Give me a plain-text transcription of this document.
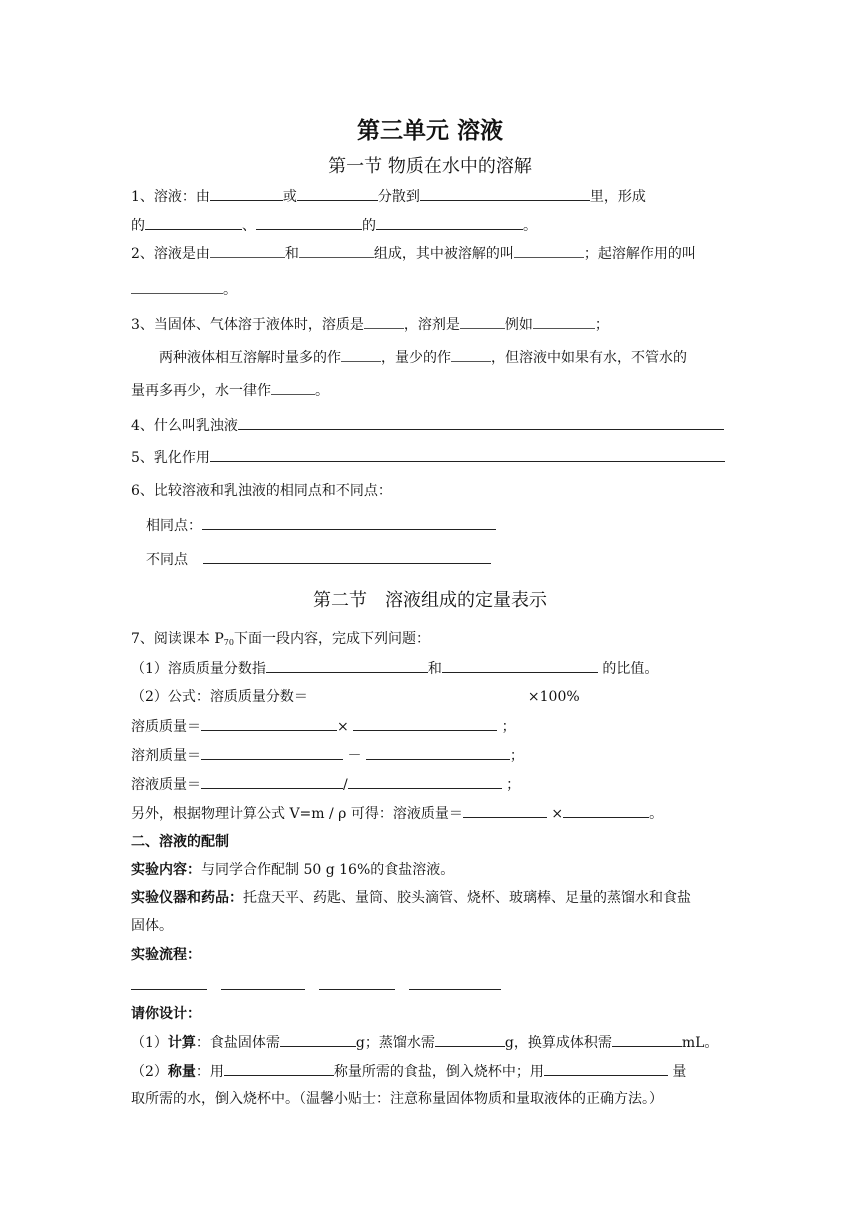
第三单元 溶液
第一节 物质在水中的溶解
1、溶液：由	或	分散到	里，形成
的	、	的	。
2、溶液是由	和	组成，其中被溶解的叫	；起溶解作用的叫
。
3、当固体、气体溶于液体时，溶质是	，溶剂是	例如	；
两种液体相互溶解时量多的作	，量少的作	，但溶液中如果有水，不管水的
量再多再少，水一律作	。
4、什么叫乳浊液
5、乳化作用
6、比较溶液和乳浊液的相同点和不同点：
相同点：
不同点
第二节　溶液组成的定量表示
7、阅读课本 $P_{70}$下面一段内容，完成下列问题：
（1）溶质质量分数指	和	的比值。
（2）公式：溶质质量分数＝	×100%
溶质质量＝	×	；
溶剂质量＝	－	；
溶液质量＝	/	；
另外，根据物理计算公式 V=m / ρ 可得：溶液质量＝	×	。
二、溶液的配制
实验内容：与同学合作配制 50 g 16%的食盐溶液。
实验仪器和药品：托盘天平、药匙、量筒、胶头滴管、烧杯、玻璃棒、足量的蒸馏水和食盐
固体。
实验流程：
请你设计：
（1）计算：食盐固体需	g；蒸馏水需	g，换算成体积需	mL。
（2）称量：用	称量所需的食盐，倒入烧杯中；用	量
取所需的水，倒入烧杯中。（温馨小贴士：注意称量固体物质和量取液体的正确方法。）
